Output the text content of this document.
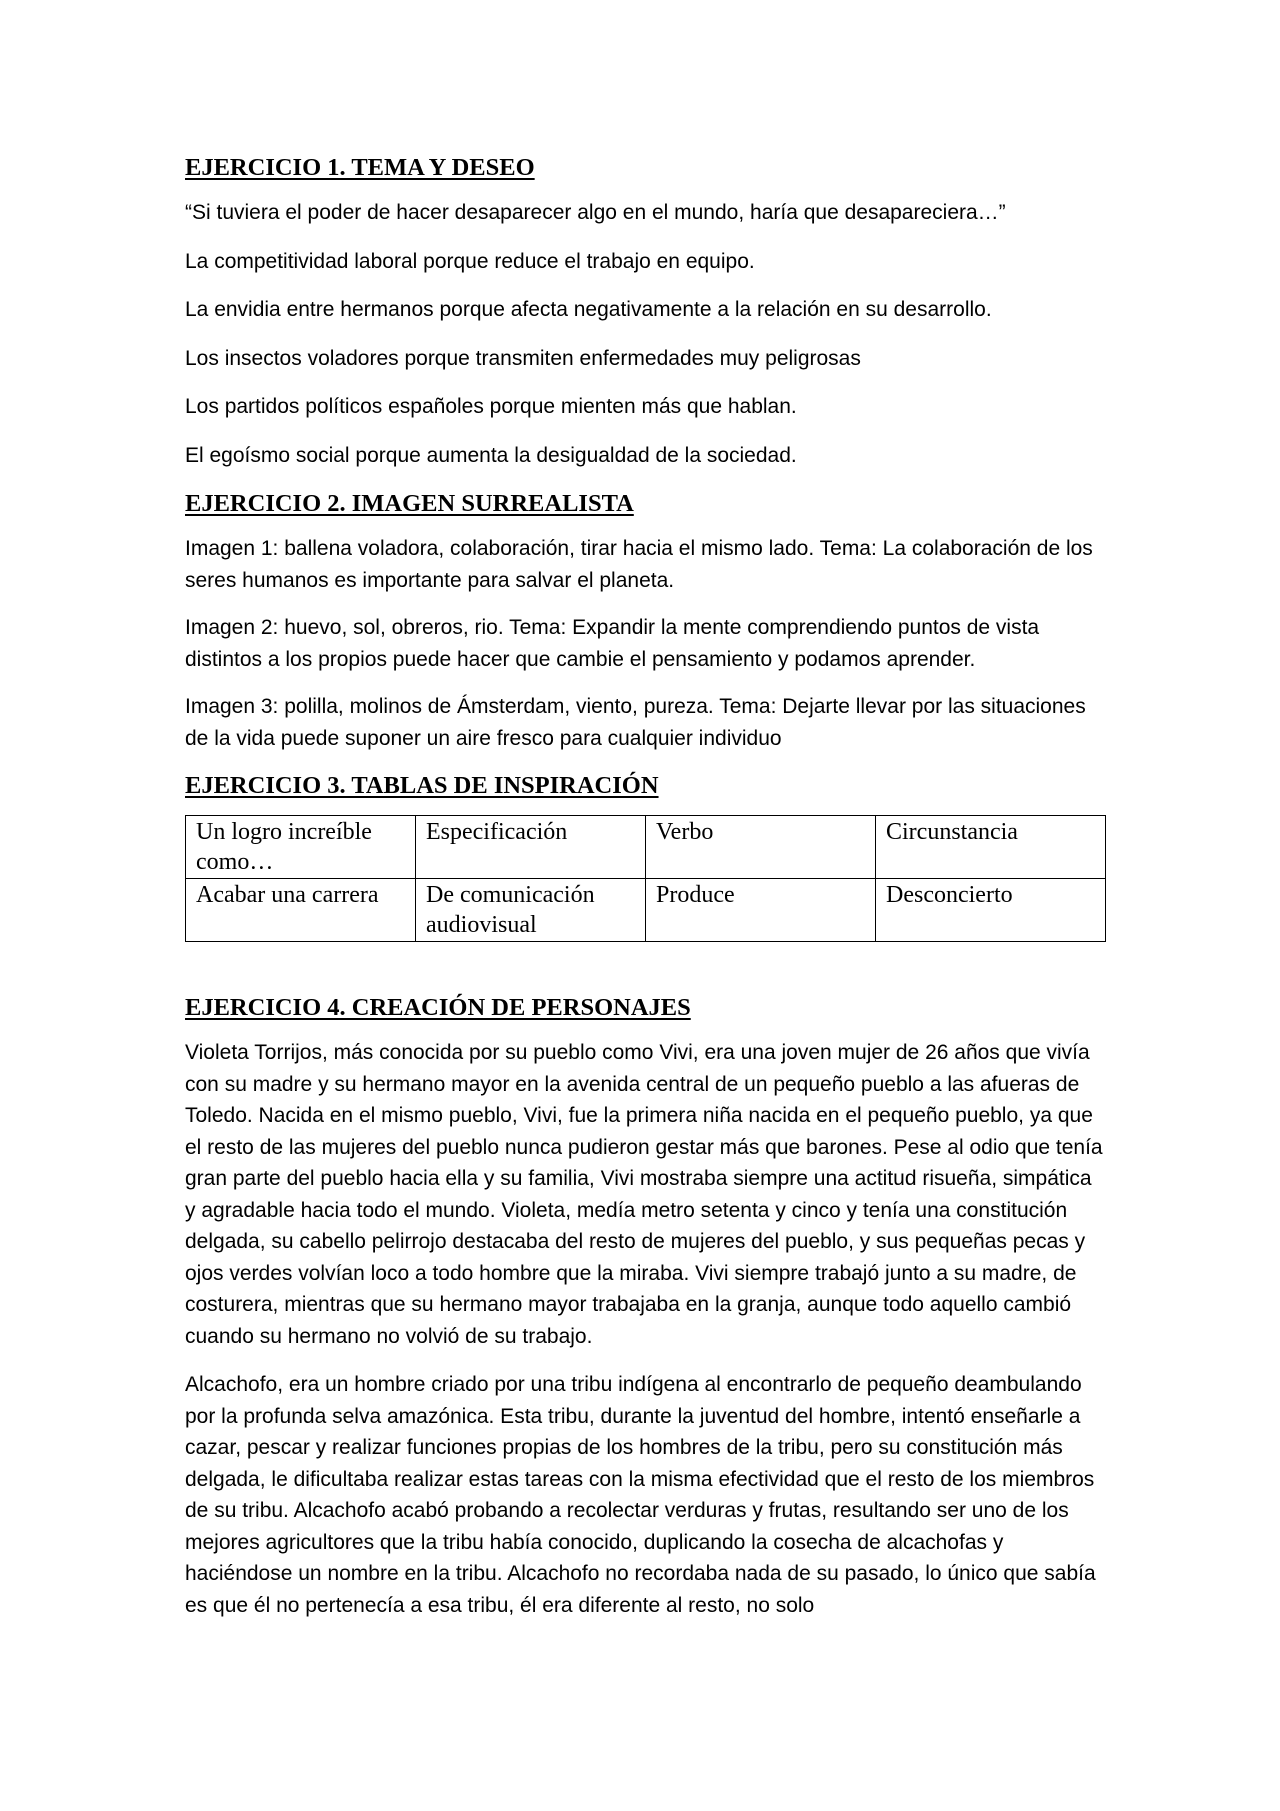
EJERCICIO 1. TEMA Y DESEO

“Si tuviera el poder de hacer desaparecer algo en el mundo, haría que desapareciera…”

La competitividad laboral porque reduce el trabajo en equipo.

La envidia entre hermanos porque afecta negativamente a la relación en su desarrollo.

Los insectos voladores porque transmiten enfermedades muy peligrosas

Los partidos políticos españoles porque mienten más que hablan.

El egoísmo social porque aumenta la desigualdad de la sociedad.

EJERCICIO 2. IMAGEN SURREALISTA

Imagen 1: ballena voladora, colaboración, tirar hacia el mismo lado. Tema: La colaboración de los seres humanos es importante para salvar el planeta.

Imagen 2: huevo, sol, obreros, rio. Tema: Expandir la mente comprendiendo puntos de vista distintos a los propios puede hacer que cambie el pensamiento y podamos aprender.

Imagen 3: polilla, molinos de Ámsterdam, viento, pureza. Tema: Dejarte llevar por las situaciones de la vida puede suponer un aire fresco para cualquier individuo

EJERCICIO 3. TABLAS DE INSPIRACIÓN
Un logro increíble como…	Especificación	Verbo	Circunstancia
Acabar una carrera	De comunicación audiovisual	Produce	Desconcierto
EJERCICIO 4. CREACIÓN DE PERSONAJES

Violeta Torrijos, más conocida por su pueblo como Vivi, era una joven mujer de 26 años que vivía con su madre y su hermano mayor en la avenida central de un pequeño pueblo a las afueras de Toledo. Nacida en el mismo pueblo, Vivi, fue la primera niña nacida en el pequeño pueblo, ya que el resto de las mujeres del pueblo nunca pudieron gestar más que barones. Pese al odio que tenía gran parte del pueblo hacia ella y su familia, Vivi mostraba siempre una actitud risueña, simpática y agradable hacia todo el mundo. Violeta, medía metro setenta y cinco y tenía una constitución delgada, su cabello pelirrojo destacaba del resto de mujeres del pueblo, y sus pequeñas pecas y ojos verdes volvían loco a todo hombre que la miraba. Vivi siempre trabajó junto a su madre, de costurera, mientras que su hermano mayor trabajaba en la granja, aunque todo aquello cambió cuando su hermano no volvió de su trabajo.

Alcachofo, era un hombre criado por una tribu indígena al encontrarlo de pequeño deambulando por la profunda selva amazónica. Esta tribu, durante la juventud del hombre, intentó enseñarle a cazar, pescar y realizar funciones propias de los hombres de la tribu, pero su constitución más delgada, le dificultaba realizar estas tareas con la misma efectividad que el resto de los miembros de su tribu. Alcachofo acabó probando a recolectar verduras y frutas, resultando ser uno de los mejores agricultores que la tribu había conocido, duplicando la cosecha de alcachofas y haciéndose un nombre en la tribu. Alcachofo no recordaba nada de su pasado, lo único que sabía es que él no pertenecía a esa tribu, él era diferente al resto, no solo
